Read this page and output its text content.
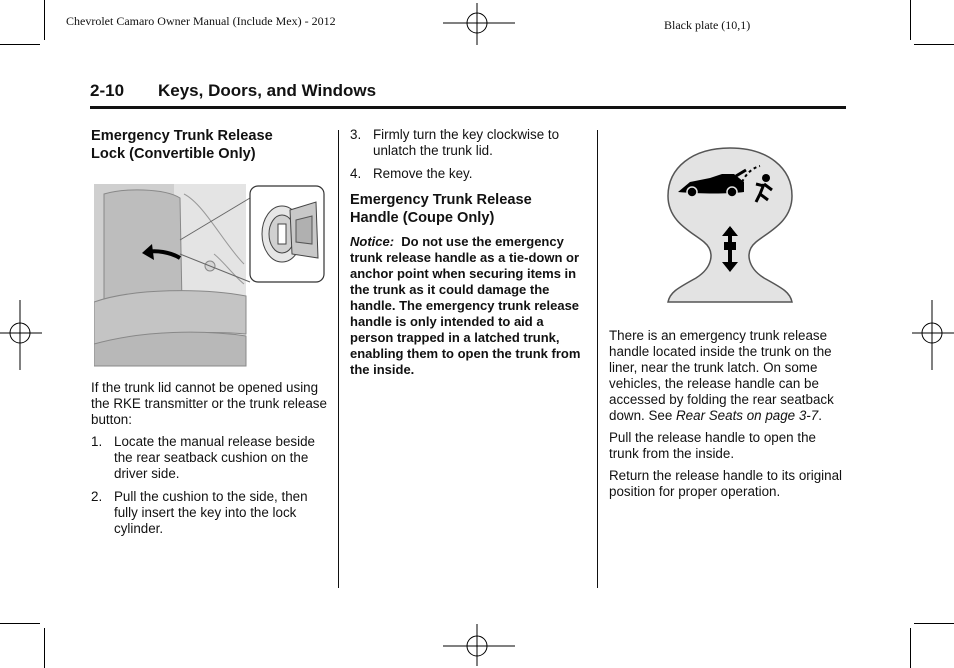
Chevrolet Camaro Owner Manual (Include Mex) - 2012	Black plate (10,1)
2-10 Keys, Doors, and Windows
Emergency Trunk Release
Lock (Convertible Only)

If the trunk lid cannot be opened using the RKE transmitter or the trunk release button:

1. Locate the manual release beside the rear seatback cushion on the driver side.
2. Pull the cushion to the side, then fully insert the key into the lock cylinder.
3. Firmly turn the key clockwise to unlatch the trunk lid.
4. Remove the key.
Emergency Trunk Release
Handle (Coupe Only)

Notice: Do not use the emergency trunk release handle as a tie-down or anchor point when securing items in the trunk as it could damage the handle. The emergency trunk release handle is only intended to aid a person trapped in a latched trunk, enabling them to open the trunk from the inside.

There is an emergency trunk release handle located inside the trunk on the liner, near the trunk latch. On some vehicles, the release handle can be accessed by folding the rear seatback down. See Rear Seats on page 3-7.

Pull the release handle to open the trunk from the inside.

Return the release handle to its original position for proper operation.
